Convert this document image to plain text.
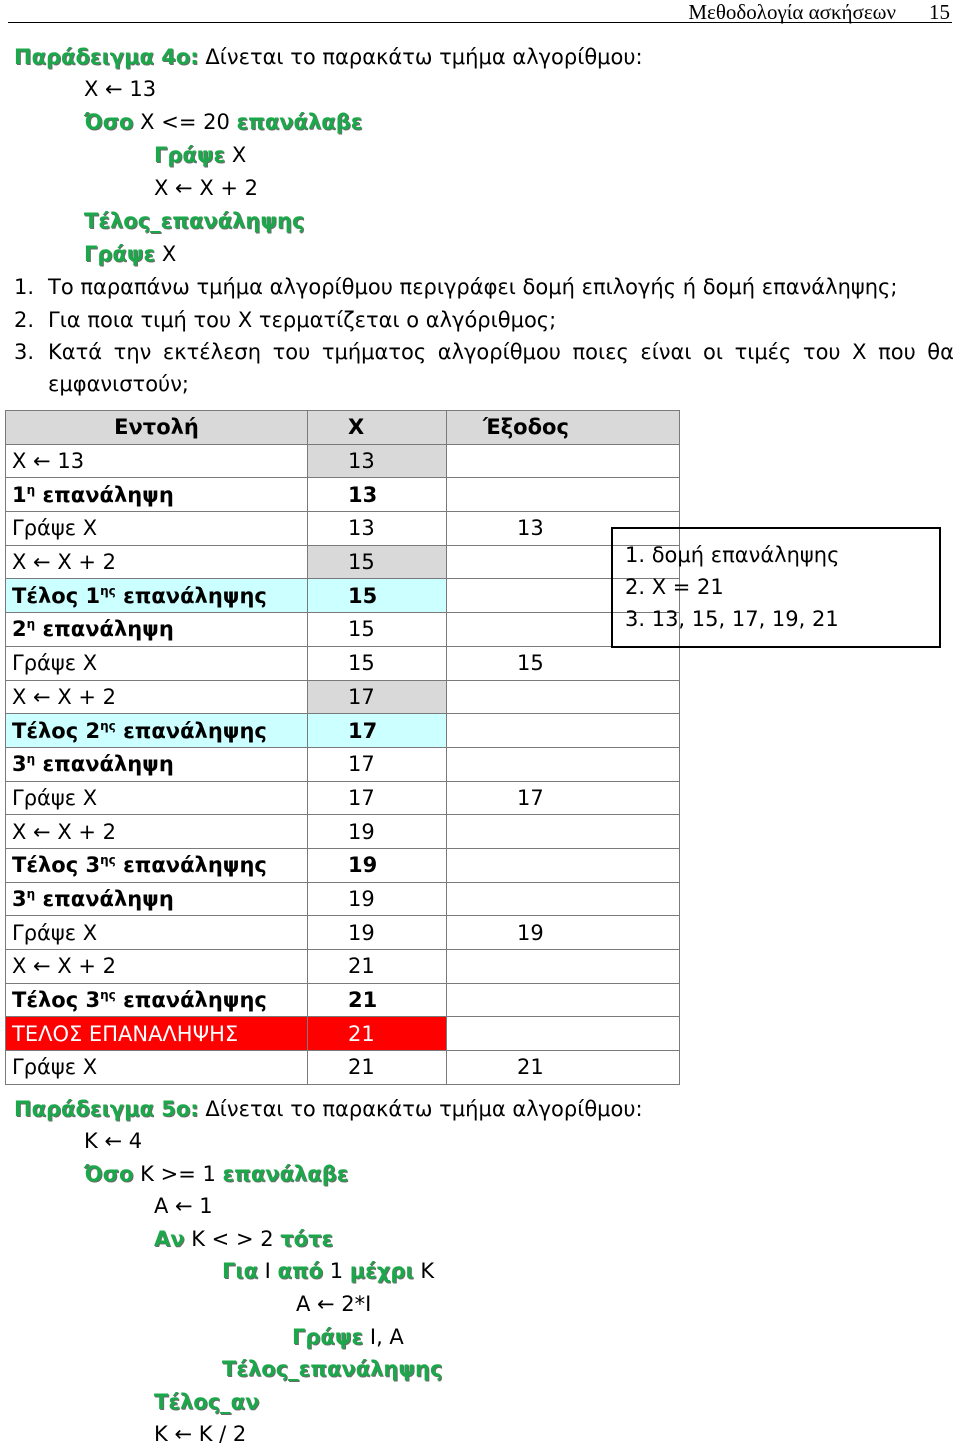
Μεθοδολογία ασκήσεων 15
Παράδειγμα 4ο: Δίνεται το παρακάτω τμήμα αλγορίθμου:
X ← 13
Όσο X <= 20 επανάλαβε
Γράψε X
X ← X + 2
Τέλος_επανάληψης
Γράψε X
1. Το παραπάνω τμήμα αλγορίθμου περιγράφει δομή επιλογής ή δομή επανάληψης;
2. Για ποια τιμή του X τερματίζεται ο αλγόριθμος;
3. Κατά την εκτέλεση του τμήματος αλγορίθμου ποιες είναι οι τιμές του X που θα
εμφανιστούν;
Εντολή	X	Έξοδος
X ← 13	13	
$1^\eta$ επανάληψη	13	
Γράψε X	13	13
X ← X + 2	15	
Τέλος $1^{\eta\varsigma}$ επανάληψης	15	
$2^\eta$ επανάληψη	15	
Γράψε X	15	15
X ← X + 2	17	
Τέλος $2^{\eta\varsigma}$ επανάληψης	17	
$3^\eta$ επανάληψη	17	
Γράψε X	17	17
X ← X + 2	19	
Τέλος $3^{\eta\varsigma}$ επανάληψης	19	
$3^\eta$ επανάληψη	19	
Γράψε X	19	19
X ← X + 2	21	
Τέλος $3^{\eta\varsigma}$ επανάληψης	21	
ΤΕΛΟΣ ΕΠΑΝΑΛΗΨΗΣ	21	
Γράψε X	21	21
1. δομή επανάληψης
2. X = 21
3. 13, 15, 17, 19, 21
Παράδειγμα 5ο: Δίνεται το παρακάτω τμήμα αλγορίθμου:
K ← 4
Όσο K >= 1 επανάλαβε
A ← 1
Αν K < > 2 τότε
Για I από 1 μέχρι K
A ← 2*I
Γράψε I, A
Τέλος_επανάληψης
Τέλος_αν
K ← K / 2
